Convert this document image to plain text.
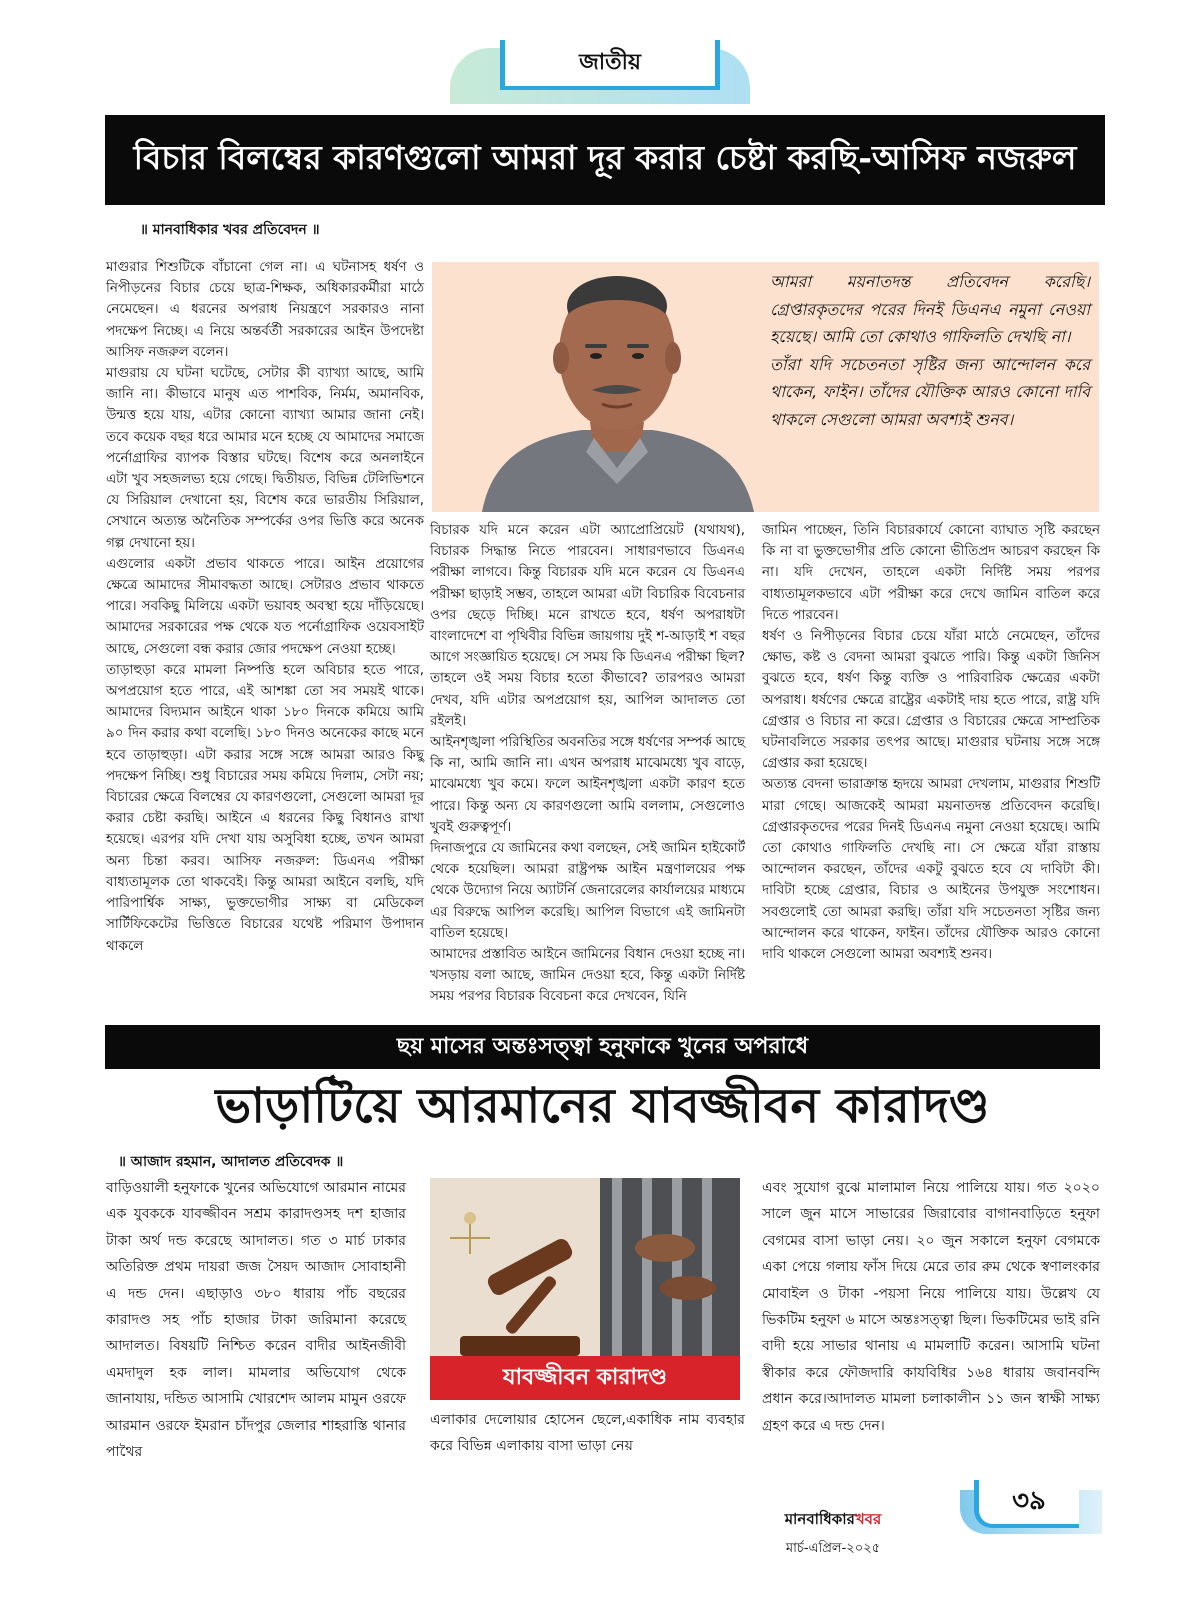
জাতীয়
বিচার বিলম্বের কারণগুলো আমরা দূর করার চেষ্টা করছি-আসিফ নজরুল
॥ মানবাধিকার খবর প্রতিবেদন ॥

মাগুরার শিশুটিকে বাঁচানো গেল না। এ ঘটনাসহ ধর্ষণ ও নিপীড়নের বিচার চেয়ে ছাত্র-শিক্ষক, অধিকারকর্মীরা মাঠে নেমেছেন। এ ধরনের অপরাধ নিয়ন্ত্রণে সরকারও নানা পদক্ষেপ নিচ্ছে। এ নিয়ে অন্তর্বর্তী সরকারের আইন উপদেষ্টা আসিফ নজরুল বলেন।

মাগুরায় যে ঘটনা ঘটেছে, সেটার কী ব্যাখ্যা আছে, আমি জানি না। কীভাবে মানুষ এত পাশবিক, নির্মম, অমানবিক, উন্মত্ত হয়ে যায়, এটার কোনো ব্যাখ্যা আমার জানা নেই। তবে কয়েক বছর ধরে আমার মনে হচ্ছে যে আমাদের সমাজে পর্নোগ্রাফির ব্যাপক বিস্তার ঘটছে। বিশেষ করে অনলাইনে এটা খুব সহজলভ্য হয়ে গেছে। দ্বিতীয়ত, বিভিন্ন টেলিভিশনে যে সিরিয়াল দেখানো হয়, বিশেষ করে ভারতীয় সিরিয়াল, সেখানে অত্যন্ত অনৈতিক সম্পর্কের ওপর ভিত্তি করে অনেক গল্প দেখানো হয়।

এগুলোর একটা প্রভাব থাকতে পারে। আইন প্রয়োগের ক্ষেত্রে আমাদের সীমাবদ্ধতা আছে। সেটারও প্রভাব থাকতে পারে। সবকিছু মিলিয়ে একটা ভয়াবহ অবস্থা হয়ে দাঁড়িয়েছে। আমাদের সরকারের পক্ষ থেকে যত পর্নোগ্রাফিক ওয়েবসাইট আছে, সেগুলো বন্ধ করার জোর পদক্ষেপ নেওয়া হচ্ছে।

তাড়াহুড়া করে মামলা নিষ্পত্তি হলে অবিচার হতে পারে, অপপ্রয়োগ হতে পারে, এই আশঙ্কা তো সব সময়ই থাকে। আমাদের বিদ্যমান আইনে থাকা ১৮০ দিনকে কমিয়ে আমি ৯০ দিন করার কথা বলেছি। ১৮০ দিনও অনেকের কাছে মনে হবে তাড়াহুড়া। এটা করার সঙ্গে সঙ্গে আমরা আরও কিছু পদক্ষেপ নিচ্ছি। শুধু বিচারের সময় কমিয়ে দিলাম, সেটা নয়; বিচারের ক্ষেত্রে বিলম্বের যে কারণগুলো, সেগুলো আমরা দূর করার চেষ্টা করছি। আইনে এ ধরনের কিছু বিধানও রাখা হয়েছে। এরপর যদি দেখা যায় অসুবিধা হচ্ছে, তখন আমরা অন্য চিন্তা করব। আসিফ নজরুল: ডিএনএ পরীক্ষা বাধ্যতামূলক তো থাকবেই। কিন্তু আমরা আইনে বলছি, যদি পারিপার্শ্বিক সাক্ষ্য, ভুক্তভোগীর সাক্ষ্য বা মেডিকেল সার্টিফিকেটের ভিত্তিতে বিচারের যথেষ্ট পরিমাণ উপাদান থাকলে

আমরা ময়নাতদন্ত প্রতিবেদন করেছি। গ্রেপ্তারকৃতদের পরের দিনই ডিএনএ নমুনা নেওয়া হয়েছে। আমি তো কোথাও গাফিলতি দেখছি না।
তাঁরা যদি সচেতনতা সৃষ্টির জন্য আন্দোলন করে থাকেন, ফাইন। তাঁদের যৌক্তিক আরও কোনো দাবি থাকলে সেগুলো আমরা অবশ্যই শুনব।

বিচারক যদি মনে করেন এটা অ্যাপ্রোপ্রিয়েট (যথাযথ), বিচারক সিদ্ধান্ত নিতে পারবেন। সাধারণভাবে ডিএনএ পরীক্ষা লাগবে। কিন্তু বিচারক যদি মনে করেন যে ডিএনএ পরীক্ষা ছাড়াই সম্ভব, তাহলে আমরা এটা বিচারিক বিবেচনার ওপর ছেড়ে দিচ্ছি। মনে রাখতে হবে, ধর্ষণ অপরাধটা বাংলাদেশে বা পৃথিবীর বিভিন্ন জায়গায় দুই শ-আড়াই শ বছর আগে সংজ্ঞায়িত হয়েছে। সে সময় কি ডিএনএ পরীক্ষা ছিল? তাহলে ওই সময় বিচার হতো কীভাবে? তারপরও আমরা দেখব, যদি এটার অপপ্রয়োগ হয়, আপিল আদালত তো রইলই।

আইনশৃঙ্খলা পরিস্থিতির অবনতির সঙ্গে ধর্ষণের সম্পর্ক আছে কি না, আমি জানি না। এখন অপরাধ মাঝেমধ্যে খুব বাড়ে, মাঝেমধ্যে খুব কমে। ফলে আইনশৃঙ্খলা একটা কারণ হতে পারে। কিন্তু অন্য যে কারণগুলো আমি বললাম, সেগুলোও খুবই গুরুত্বপূর্ণ।

দিনাজপুরে যে জামিনের কথা বলছেন, সেই জামিন হাইকোর্ট থেকে হয়েছিল। আমরা রাষ্ট্রপক্ষ আইন মন্ত্রণালয়ের পক্ষ থেকে উদ্যোগ নিয়ে অ্যাটর্নি জেনারেলের কার্যালয়ের মাধ্যমে এর বিরুদ্ধে আপিল করেছি। আপিল বিভাগে এই জামিনটা বাতিল হয়েছে।

আমাদের প্রস্তাবিত আইনে জামিনের বিধান দেওয়া হচ্ছে না। খসড়ায় বলা আছে, জামিন দেওয়া হবে, কিন্তু একটা নির্দিষ্ট সময় পরপর বিচারক বিবেচনা করে দেখবেন, যিনি

জামিন পাচ্ছেন, তিনি বিচারকার্যে কোনো ব্যাঘাত সৃষ্টি করছেন কি না বা ভুক্তভোগীর প্রতি কোনো ভীতিপ্রদ আচরণ করছেন কি না। যদি দেখেন, তাহলে একটা নির্দিষ্ট সময় পরপর বাধ্যতামূলকভাবে এটা পরীক্ষা করে দেখে জামিন বাতিল করে দিতে পারবেন।

ধর্ষণ ও নিপীড়নের বিচার চেয়ে যাঁরা মাঠে নেমেছেন, তাঁদের ক্ষোভ, কষ্ট ও বেদনা আমরা বুঝতে পারি। কিন্তু একটা জিনিস বুঝতে হবে, ধর্ষণ কিন্তু ব্যক্তি ও পারিবারিক ক্ষেত্রের একটা অপরাধ। ধর্ষণের ক্ষেত্রে রাষ্ট্রের একটাই দায় হতে পারে, রাষ্ট্র যদি গ্রেপ্তার ও বিচার না করে। গ্রেপ্তার ও বিচারের ক্ষেত্রে সাম্প্রতিক ঘটনাবলিতে সরকার তৎপর আছে। মাগুরার ঘটনায় সঙ্গে সঙ্গে গ্রেপ্তার করা হয়েছে।

অত্যন্ত বেদনা ভারাক্রান্ত হৃদয়ে আমরা দেখলাম, মাগুরার শিশুটি মারা গেছে। আজকেই আমরা ময়নাতদন্ত প্রতিবেদন করেছি। গ্রেপ্তারকৃতদের পরের দিনই ডিএনএ নমুনা নেওয়া হয়েছে। আমি তো কোথাও গাফিলতি দেখছি না। সে ক্ষেত্রে যাঁরা রাস্তায় আন্দোলন করছেন, তাঁদের একটু বুঝতে হবে যে দাবিটা কী। দাবিটা হচ্ছে গ্রেপ্তার, বিচার ও আইনের উপযুক্ত সংশোধন। সবগুলোই তো আমরা করছি। তাঁরা যদি সচেতনতা সৃষ্টির জন্য আন্দোলন করে থাকেন, ফাইন। তাঁদের যৌক্তিক আরও কোনো দাবি থাকলে সেগুলো আমরা অবশ্যই শুনব।

ছয় মাসের অন্তঃসত্ত্বা হনুফাকে খুনের অপরাধে
ভাড়াটিয়ে আরমানের যাবজ্জীবন কারাদণ্ড
॥ আজাদ রহমান, আদালত প্রতিবেদক ॥

বাড়িওয়ালী হনুফাকে খুনের অভিযোগে আরমান নামের এক যুবককে যাবজ্জীবন সশ্রম কারাদণ্ডসহ দশ হাজার টাকা অর্থ দন্ড করেছে আদালত। গত ৩ মার্চ ঢাকার অতিরিক্ত প্রথম দায়রা জজ সৈয়দ আজাদ সোবাহানী এ দন্ড দেন। এছাড়াও ৩৮০ ধারায় পাঁচ বছরের কারাদণ্ড সহ পাঁচ হাজার টাকা জরিমানা করেছে আদালত। বিষয়টি নিশ্চিত করেন বাদীর আইনজীবী এমদাদুল হক লাল। মামলার অভিযোগ থেকে জানাযায়, দন্ডিত আসামি খোরশেদ আলম মামুন ওরফে আরমান ওরফে ইমরান চাঁদপুর জেলার শাহরাস্তি থানার পাথৈর

যাবজ্জীবন কারাদণ্ড

এলাকার দেলোয়ার হোসেন ছেলে,একাধিক নাম ব্যবহার করে বিভিন্ন এলাকায় বাসা ভাড়া নেয়

এবং সুযোগ বুঝে মালামাল নিয়ে পালিয়ে যায়। গত ২০২০ সালে জুন মাসে সাভারের জিরাবোর বাগানবাড়িতে হনুফা বেগমের বাসা ভাড়া নেয়। ২০ জুন সকালে হনুফা বেগমকে একা পেয়ে গলায় ফাঁস দিয়ে মেরে তার রুম থেকে স্বণালংকার মোবাইল ও টাকা -পয়সা নিয়ে পালিয়ে যায়। উল্লেখ যে ভিকটিম হনুফা ৬ মাসে অন্তঃসত্ত্বা ছিল। ভিকটিমের ভাই রনি বাদী হয়ে সাভার থানায় এ মামলাটি করেন। আসামি ঘটনা স্বীকার করে ফৌজদারি কাযবিধির ১৬৪ ধারায় জবানবন্দি প্রধান করে।আদালত মামলা চলাকালীন ১১ জন স্বাক্ষী সাক্ষ্য গ্রহণ করে এ দন্ড দেন।

মানবাধিকারখবর
মার্চ-এপ্রিল-২০২৫
৩৯
